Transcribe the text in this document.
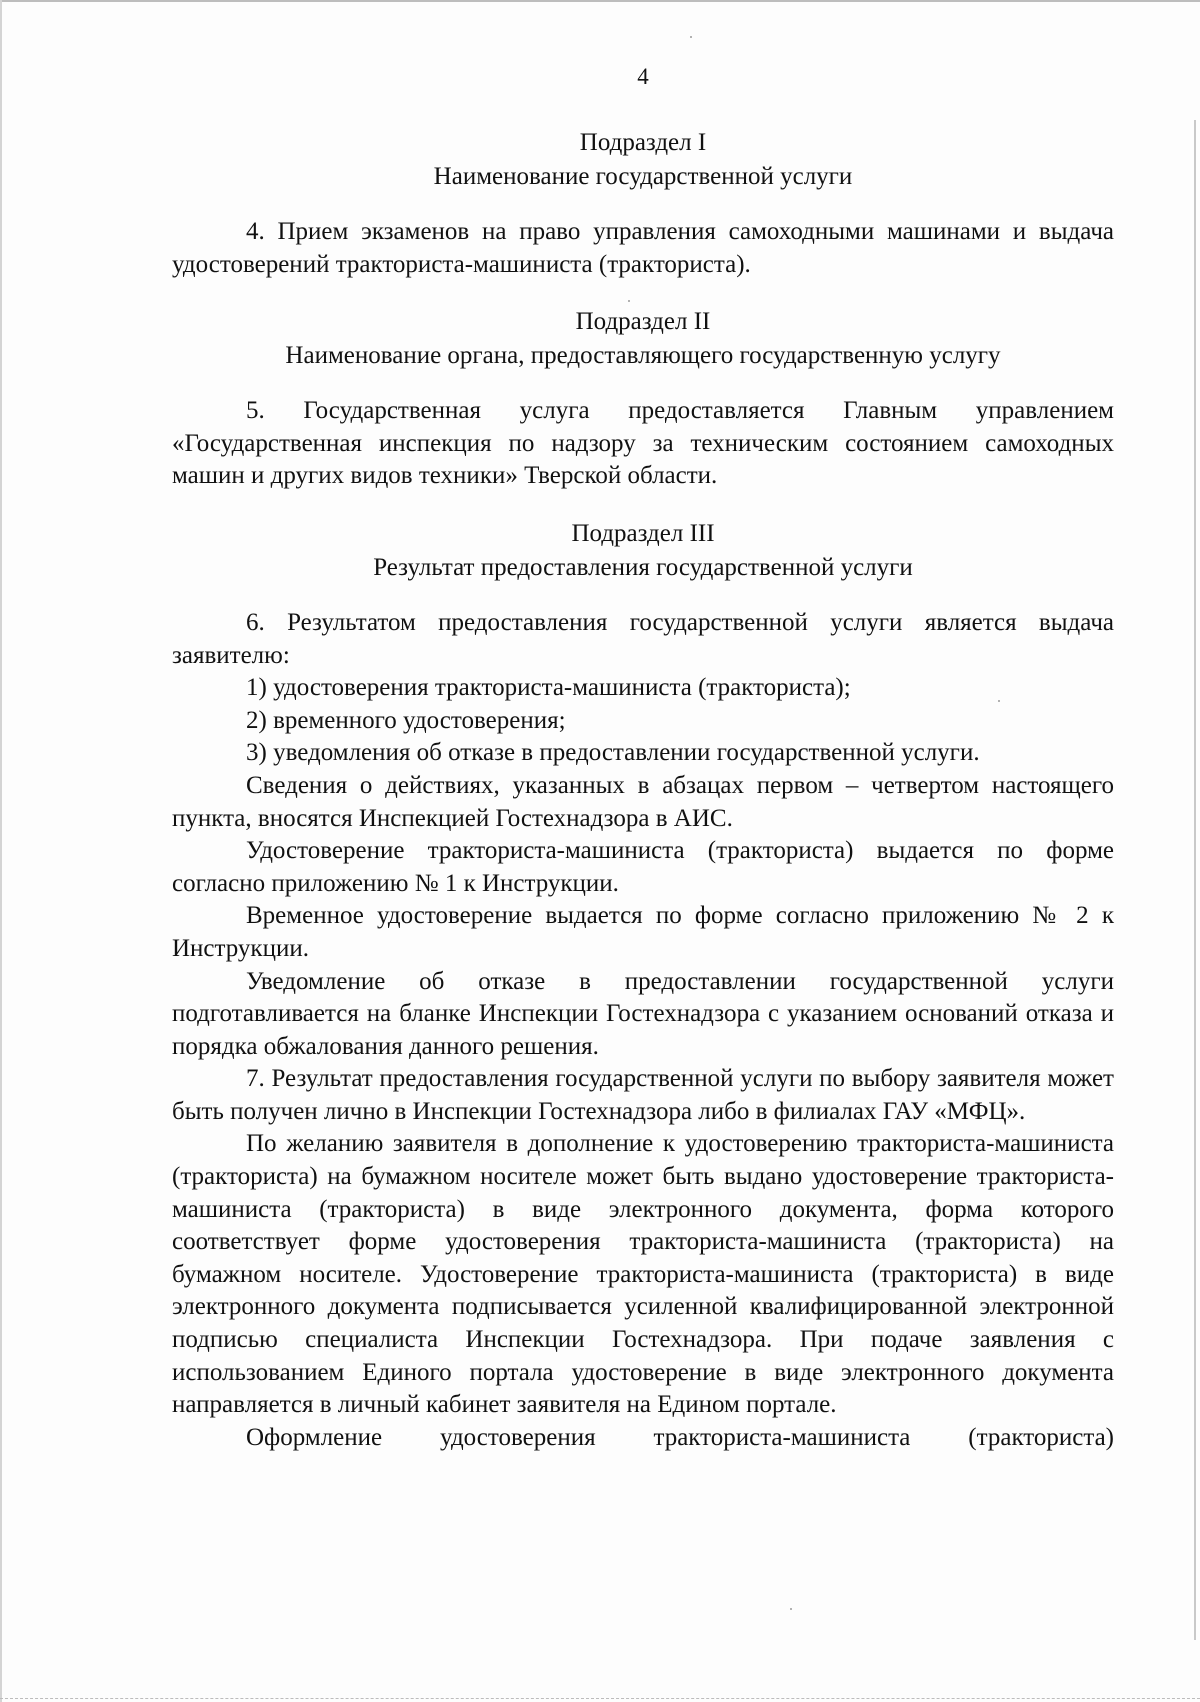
4
Подраздел I
Наименование государственной услуги

4. Прием экзаменов на право управления самоходными машинами и выдача удостоверений тракториста-машиниста (тракториста).

Подраздел II
Наименование органа, предоставляющего государственную услугу

5. Государственная услуга предоставляется Главным управлением «Государственная инспекция по надзору за техническим состоянием самоходных машин и других видов техники» Тверской области.

Подраздел III
Результат предоставления государственной услуги

6. Результатом предоставления государственной услуги является выдача заявителю:

1) удостоверения тракториста-машиниста (тракториста);

2) временного удостоверения;

3) уведомления об отказе в предоставлении государственной услуги.

Сведения о действиях, указанных в абзацах первом – четвертом настоящего пункта, вносятся Инспекцией Гостехнадзора в АИС.

Удостоверение тракториста-машиниста (тракториста) выдается по форме согласно приложению № 1 к Инструкции.

Временное удостоверение выдается по форме согласно приложению № 2 к Инструкции.

Уведомление об отказе в предоставлении государственной услуги подготавливается на бланке Инспекции Гостехнадзора с указанием оснований отказа и порядка обжалования данного решения.

7. Результат предоставления государственной услуги по выбору заявителя может быть получен лично в Инспекции Гостехнадзора либо в филиалах ГАУ «МФЦ».

По желанию заявителя в дополнение к удостоверению тракториста-машиниста (тракториста) на бумажном носителе может быть выдано удостоверение тракториста-машиниста (тракториста) в виде электронного документа, форма которого соответствует форме удостоверения тракториста-машиниста (тракториста) на бумажном носителе. Удостоверение тракториста-машиниста (тракториста) в виде электронного документа подписывается усиленной квалифицированной электронной подписью специалиста Инспекции Гостехнадзора. При подаче заявления с использованием Единого портала удостоверение в виде электронного документа направляется в личный кабинет заявителя на Едином портале.

Оформление удостоверения тракториста-машиниста (тракториста)
